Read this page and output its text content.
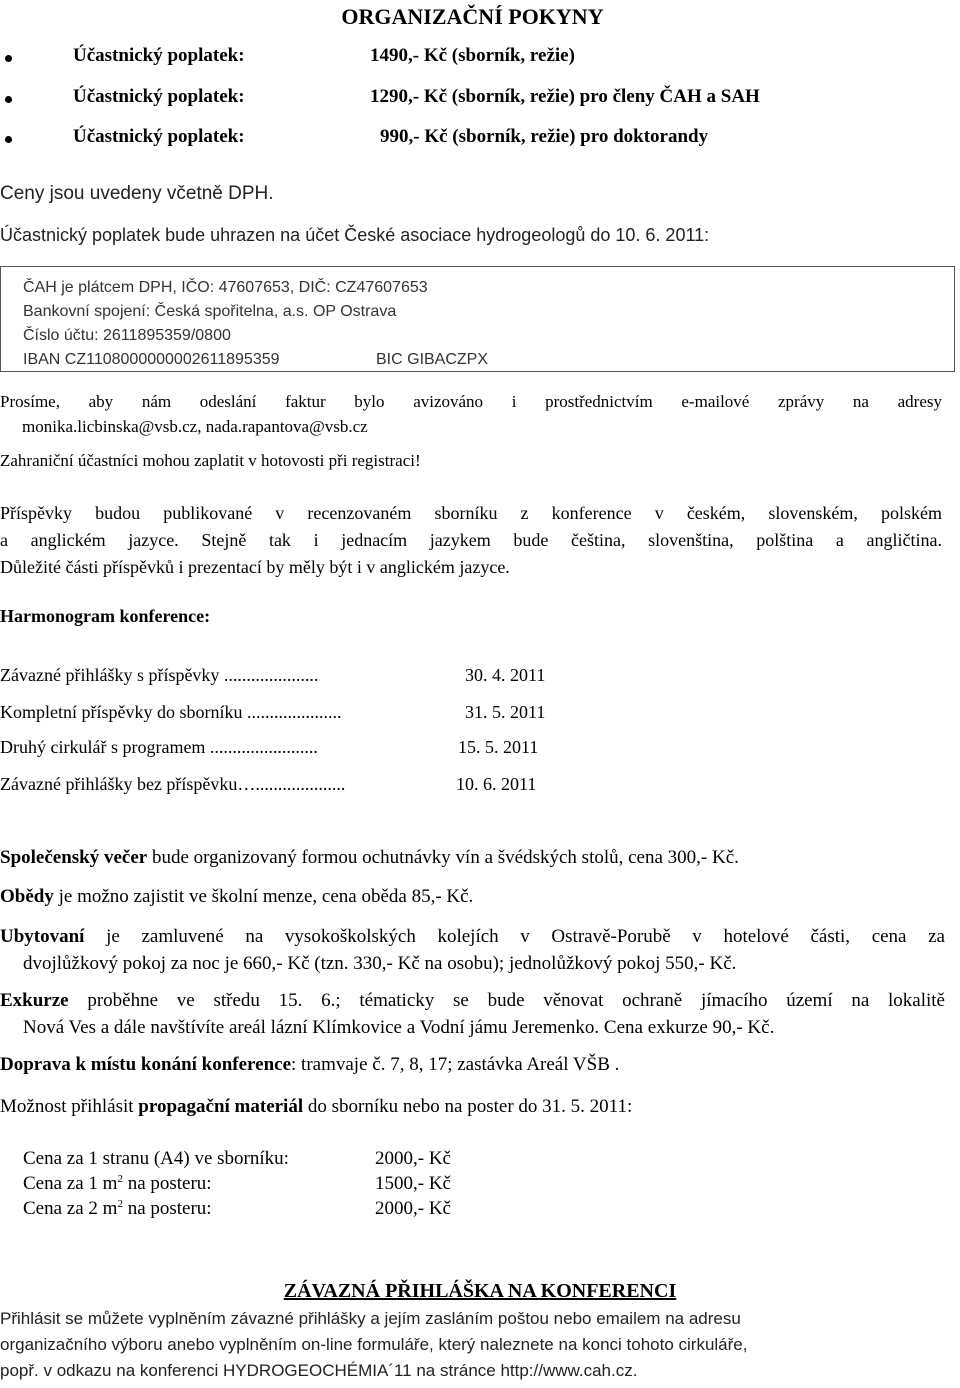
ORGANIZAČNÍ POKYNY
Účastnický poplatek:	1490,- Kč (sborník, režie)
Účastnický poplatek:	1290,- Kč (sborník, režie) pro členy ČAH a SAH
Účastnický poplatek:	990,- Kč (sborník, režie) pro doktorandy
Ceny jsou uvedeny včetně DPH.
Účastnický poplatek bude uhrazen na účet České asociace hydrogeologů do 10. 6. 2011:
ČAH je plátcem DPH, IČO: 47607653, DIČ: CZ47607653
Bankovní spojení: Česká spořitelna, a.s. OP Ostrava
Číslo účtu: 2611895359/0800
IBAN CZ1108000000002611895359	BIC GIBACZPX
Prosíme, aby nám odeslání faktur bylo avizováno i prostřednictvím e-mailové zprávy na adresy
monika.licbinska@vsb.cz, nada.rapantova@vsb.cz
Zahraniční účastníci mohou zaplatit v hotovosti při registraci!
Příspěvky budou publikované v recenzovaném sborníku z konference v českém, slovenském, polském
a anglickém jazyce. Stejně tak i jednacím jazykem bude čeština, slovenština, polština a angličtina.
Důležité části příspěvků i prezentací by měly být i v anglickém jazyce.
Harmonogram konference:
Závazné přihlášky s příspěvky .....................	30. 4. 2011
Kompletní příspěvky do sborníku .....................	31. 5. 2011
Druhý cirkulář s programem ........................	15. 5. 2011
Závazné přihlášky bez příspěvku…....................	10. 6. 2011
Společenský večer bude organizovaný formou ochutnávky vín a švédských stolů, cena 300,- Kč.
Obědy je možno zajistit ve školní menze, cena oběda 85,- Kč.
Ubytovaní je zamluvené na vysokoškolských kolejích v Ostravě-Porubě v hotelové části, cena za
dvojlůžkový pokoj za noc je 660,- Kč (tzn. 330,- Kč na osobu); jednolůžkový pokoj 550,- Kč.
Exkurze proběhne ve středu 15. 6.; tématicky se bude věnovat ochraně jímacího území na lokalitě
Nová Ves a dále navštívíte areál lázní Klímkovice a Vodní jámu Jeremenko. Cena exkurze 90,- Kč.
Doprava k místu konání konference: tramvaje č. 7, 8, 17; zastávka Areál VŠB .
Možnost přihlásit propagační materiál do sborníku nebo na poster do 31. 5. 2011:
Cena za 1 stranu (A4) ve sborníku:	2000,- Kč
Cena za 1 $m^2$ na posteru:	1500,- Kč
Cena za 2 $m^2$ na posteru:	2000,- Kč
ZÁVAZNÁ PŘIHLÁŠKA NA KONFERENCI
Přihlásit se můžete vyplněním závazné přihlášky a jejím zasláním poštou nebo emailem na adresu
organizačního výboru anebo vyplněním on-line formuláře, který naleznete na konci tohoto cirkuláře,
popř. v odkazu na konferenci HYDROGEOCHÉMIA´11 na stránce http://www.cah.cz.
